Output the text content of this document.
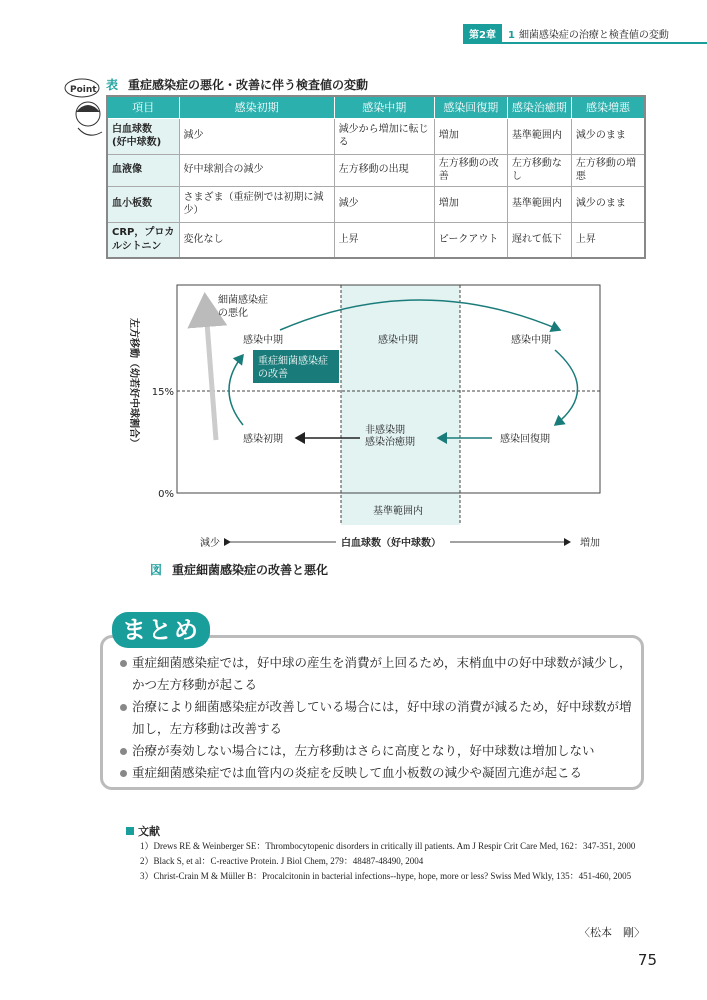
第2章	1 細菌感染症の治療と検査値の変動
Point 表 重症感染症の悪化・改善に伴う検査値の変動
項目	感染初期	感染中期	感染回復期	感染治癒期	感染増悪
白血球数
(好中球数)	減少	減少から増加に転じる	増加	基準範囲内	減少のまま
血液像	好中球割合の減少	左方移動の出現	左方移動の改善	左方移動なし	左方移動の増悪
血小板数	さまざま（重症例では初期に減少）	減少	増加	基準範囲内	減少のまま
CRP，プロカルシトニン	変化なし	上昇	ピークアウト	遅れて低下	上昇
細菌感染症の悪化
感染中期	感染中期	感染中期
重症細菌感染症の改善
感染初期
非感染期感染治癒期	感染回復期
15%
0%
基準範囲内
減少	白血球数（好中球数）	増加
左方移動（幼若好中球割合）
図 重症細菌感染症の改善と悪化
まとめ
重症細菌感染症では，好中球の産生を消費が上回るため，末梢血中の好中球数が減少し，かつ左方移動が起こる
治療により細菌感染症が改善している場合には，好中球の消費が減るため，好中球数が増加し，左方移動は改善する
治療が奏効しない場合には，左方移動はさらに高度となり，好中球数は増加しない
重症細菌感染症では血管内の炎症を反映して血小板数の減少や凝固亢進が起こる
文献
1）Drews RE & Weinberger SE：Thrombocytopenic disorders in critically ill patients. Am J Respir Crit Care Med, 162：347-351, 2000
2）Black S, et al：C-reactive Protein. J Biol Chem, 279：48487-48490, 2004
3）Christ-Crain M & Müller B：Procalcitonin in bacterial infections--hype, hope, more or less? Swiss Med Wkly, 135：451-460, 2005
〈松本　剛〉
75
